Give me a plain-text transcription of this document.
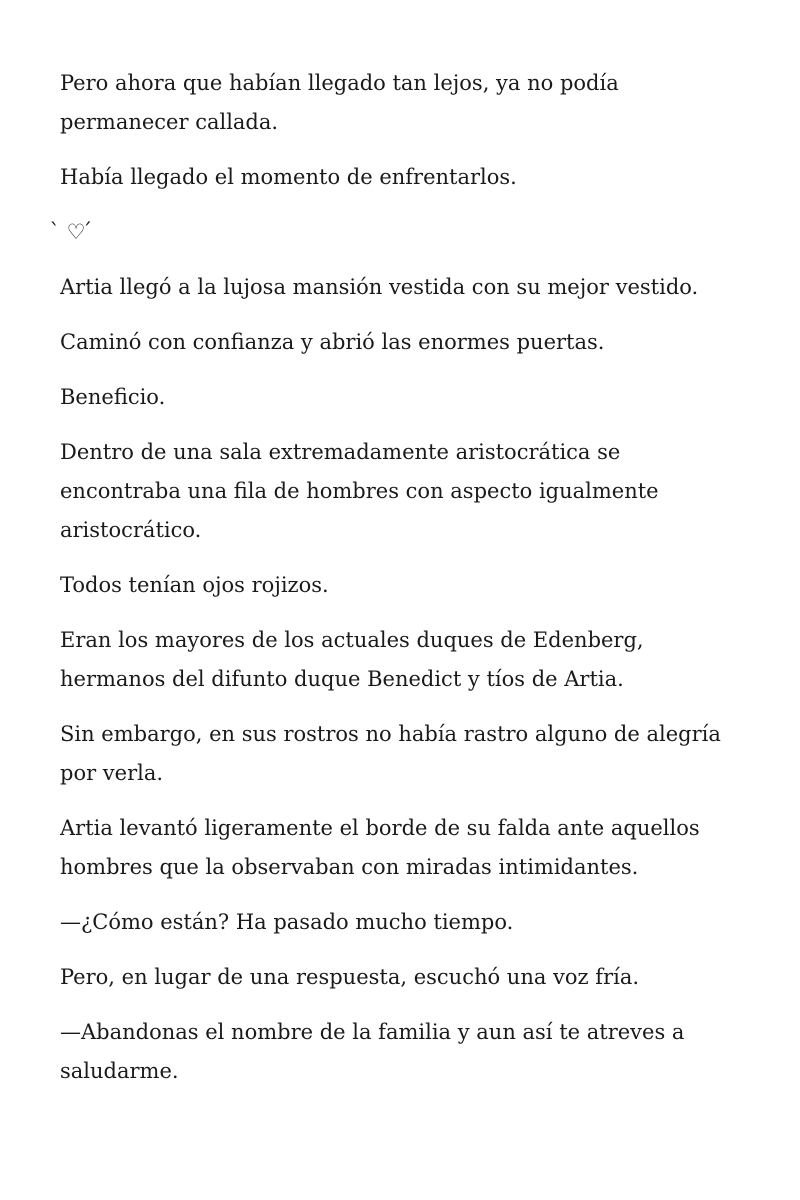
Pero ahora que habían llegado tan lejos, ya no podía permanecer callada.

Había llegado el momento de enfrentarlos.

̀ ♡ ́

Artia llegó a la lujosa mansión vestida con su mejor vestido.

Caminó con confianza y abrió las enormes puertas.

Beneficio.

Dentro de una sala extremadamente aristocrática se encontraba una fila de hombres con aspecto igualmente aristocrático.

Todos tenían ojos rojizos.

Eran los mayores de los actuales duques de Edenberg, hermanos del difunto duque Benedict y tíos de Artia.

Sin embargo, en sus rostros no había rastro alguno de alegría por verla.

Artia levantó ligeramente el borde de su falda ante aquellos hombres que la observaban con miradas intimidantes.

—¿Cómo están? Ha pasado mucho tiempo.

Pero, en lugar de una respuesta, escuchó una voz fría.

—Abandonas el nombre de la familia y aun así te atreves a saludarme.
